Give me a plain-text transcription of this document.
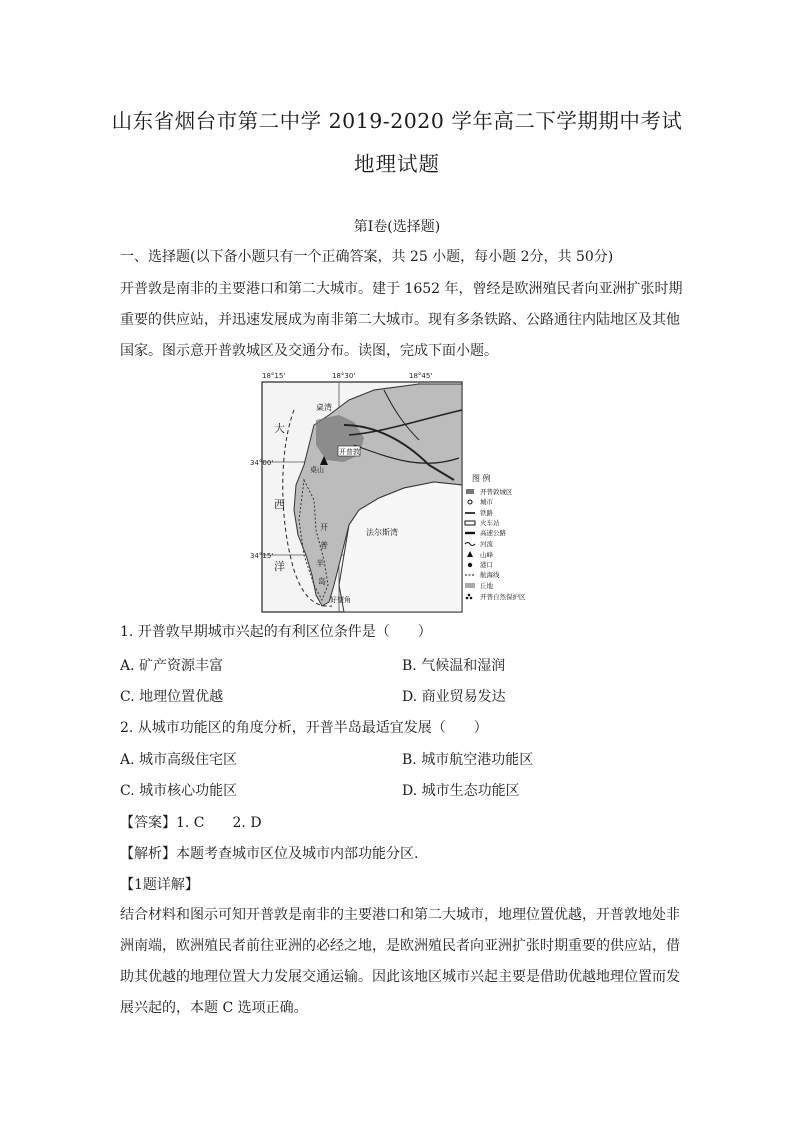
山东省烟台市第二中学 2019-2020 学年高二下学期期中考试
地理试题
第Ⅰ卷(选择题)
一、选择题(以下备小题只有一个正确答案，共 25 小题，每小题 2分，共 50分)
开普敦是南非的主要港口和第二大城市。建于 1652 年，曾经是欧洲殖民者向亚洲扩张时期
重要的供应站，并迅速发展成为南非第二大城市。现有多条铁路、公路通往内陆地区及其他
国家。图示意开普敦城区及交通分布。读图，完成下面小题。
18°15'	18°30'	18°45'
34°00'
34°15'
大
西
洋
桌湾
桌山
开普敦
法尔斯湾
开
普
半
岛
好望角
图 例
开普敦城区
城市
铁路
火车站
高速公路
河流
山峰
港口
航海线
丘地
开普自然保护区
1. 开普敦早期城市兴起的有利区位条件是（　　）
A. 矿产资源丰富	B. 气候温和湿润
C. 地理位置优越	D. 商业贸易发达
2. 从城市功能区的角度分析，开普半岛最适宜发展（　　）
A. 城市高级住宅区	B. 城市航空港功能区
C. 城市核心功能区	D. 城市生态功能区
【答案】1. C　　2. D
【解析】本题考查城市区位及城市内部功能分区.
【1题详解】
结合材料和图示可知开普敦是南非的主要港口和第二大城市，地理位置优越，开普敦地处非
洲南端，欧洲殖民者前往亚洲的必经之地，是欧洲殖民者向亚洲扩张时期重要的供应站，借
助其优越的地理位置大力发展交通运输。因此该地区城市兴起主要是借助优越地理位置而发
展兴起的，本题 C 选项正确。
